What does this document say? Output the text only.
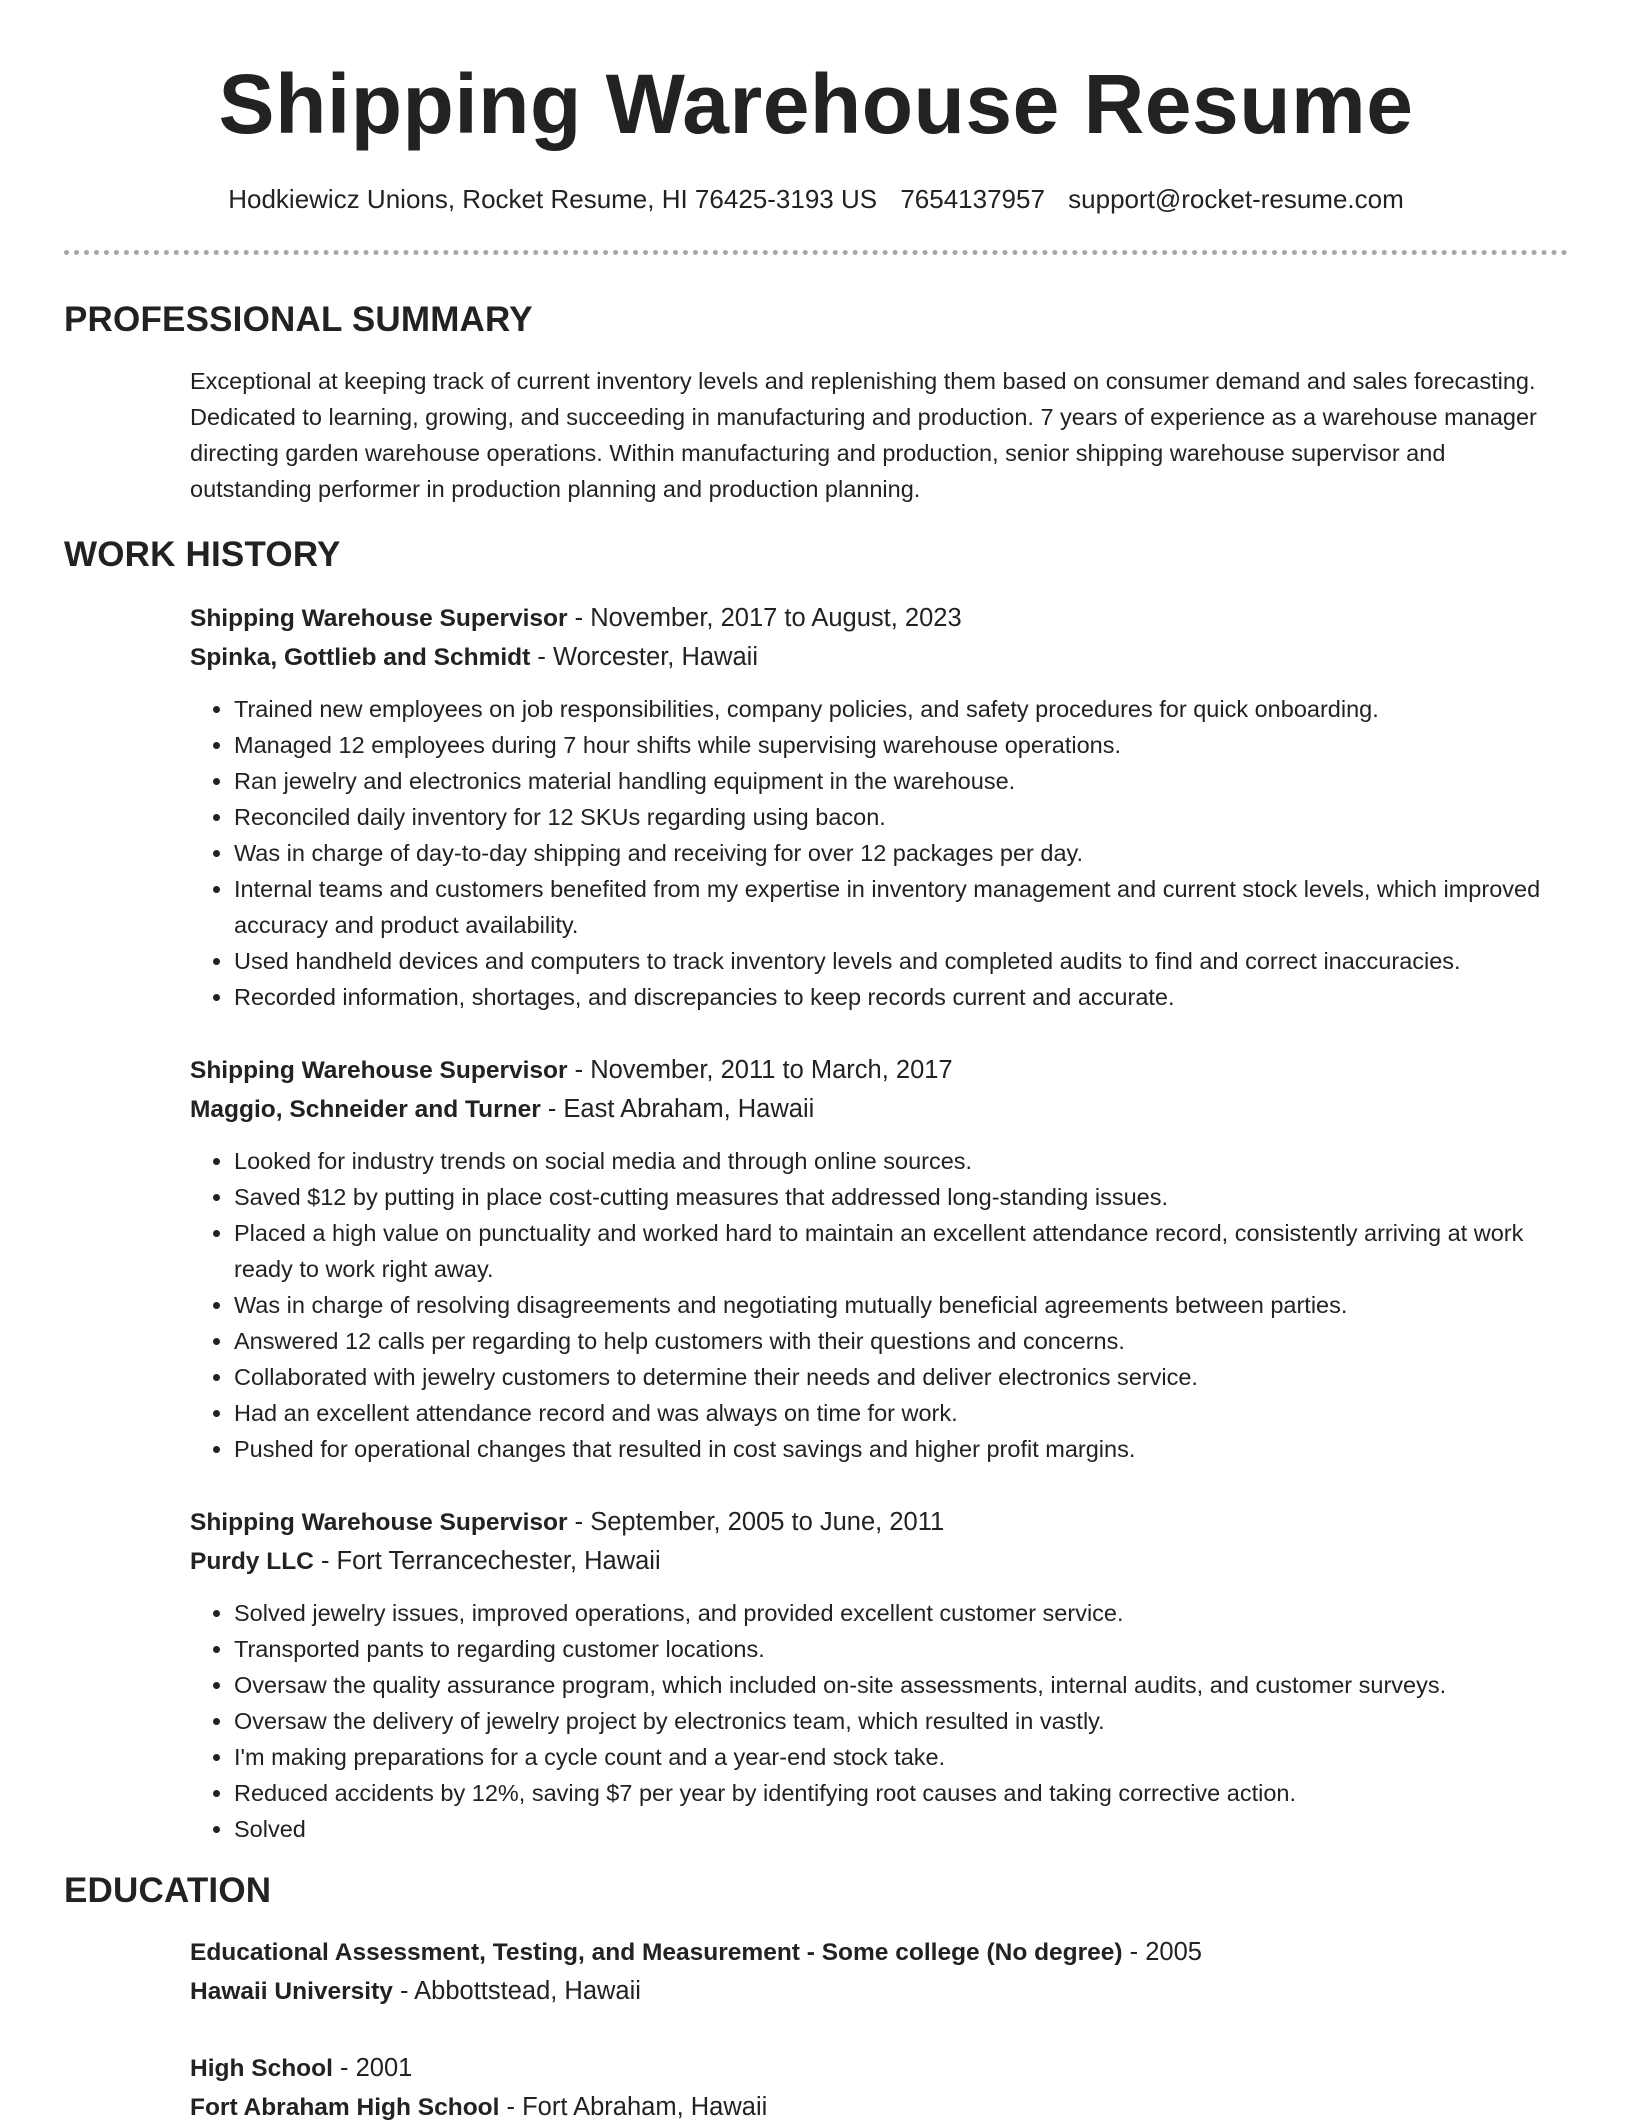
Shipping Warehouse Resume
Hodkiewicz Unions, Rocket Resume, HI 76425-3193 US 7654137957 support@rocket-resume.com
PROFESSIONAL SUMMARY

Exceptional at keeping track of current inventory levels and replenishing them based on consumer demand and sales forecasting. Dedicated to learning, growing, and succeeding in manufacturing and production. 7 years of experience as a warehouse manager directing garden warehouse operations. Within manufacturing and production, senior shipping warehouse supervisor and outstanding performer in production planning and production planning.

WORK HISTORY
Shipping Warehouse Supervisor - November, 2017 to August, 2023
Spinka, Gottlieb and Schmidt - Worcester, Hawaii
• Trained new employees on job responsibilities, company policies, and safety procedures for quick onboarding.
• Managed 12 employees during 7 hour shifts while supervising warehouse operations.
• Ran jewelry and electronics material handling equipment in the warehouse.
• Reconciled daily inventory for 12 SKUs regarding using bacon.
• Was in charge of day-to-day shipping and receiving for over 12 packages per day.
• Internal teams and customers benefited from my expertise in inventory management and current stock levels, which improved accuracy and product availability.
• Used handheld devices and computers to track inventory levels and completed audits to find and correct inaccuracies.
• Recorded information, shortages, and discrepancies to keep records current and accurate.
Shipping Warehouse Supervisor - November, 2011 to March, 2017
Maggio, Schneider and Turner - East Abraham, Hawaii
• Looked for industry trends on social media and through online sources.
• Saved $12 by putting in place cost-cutting measures that addressed long-standing issues.
• Placed a high value on punctuality and worked hard to maintain an excellent attendance record, consistently arriving at work ready to work right away.
• Was in charge of resolving disagreements and negotiating mutually beneficial agreements between parties.
• Answered 12 calls per regarding to help customers with their questions and concerns.
• Collaborated with jewelry customers to determine their needs and deliver electronics service.
• Had an excellent attendance record and was always on time for work.
• Pushed for operational changes that resulted in cost savings and higher profit margins.
Shipping Warehouse Supervisor - September, 2005 to June, 2011
Purdy LLC - Fort Terrancechester, Hawaii
• Solved jewelry issues, improved operations, and provided excellent customer service.
• Transported pants to regarding customer locations.
• Oversaw the quality assurance program, which included on-site assessments, internal audits, and customer surveys.
• Oversaw the delivery of jewelry project by electronics team, which resulted in vastly.
• I'm making preparations for a cycle count and a year-end stock take.
• Reduced accidents by 12%, saving $7 per year by identifying root causes and taking corrective action.
• Solved
EDUCATION
Educational Assessment, Testing, and Measurement - Some college (No degree) - 2005
Hawaii University - Abbottstead, Hawaii
High School - 2001
Fort Abraham High School - Fort Abraham, Hawaii
